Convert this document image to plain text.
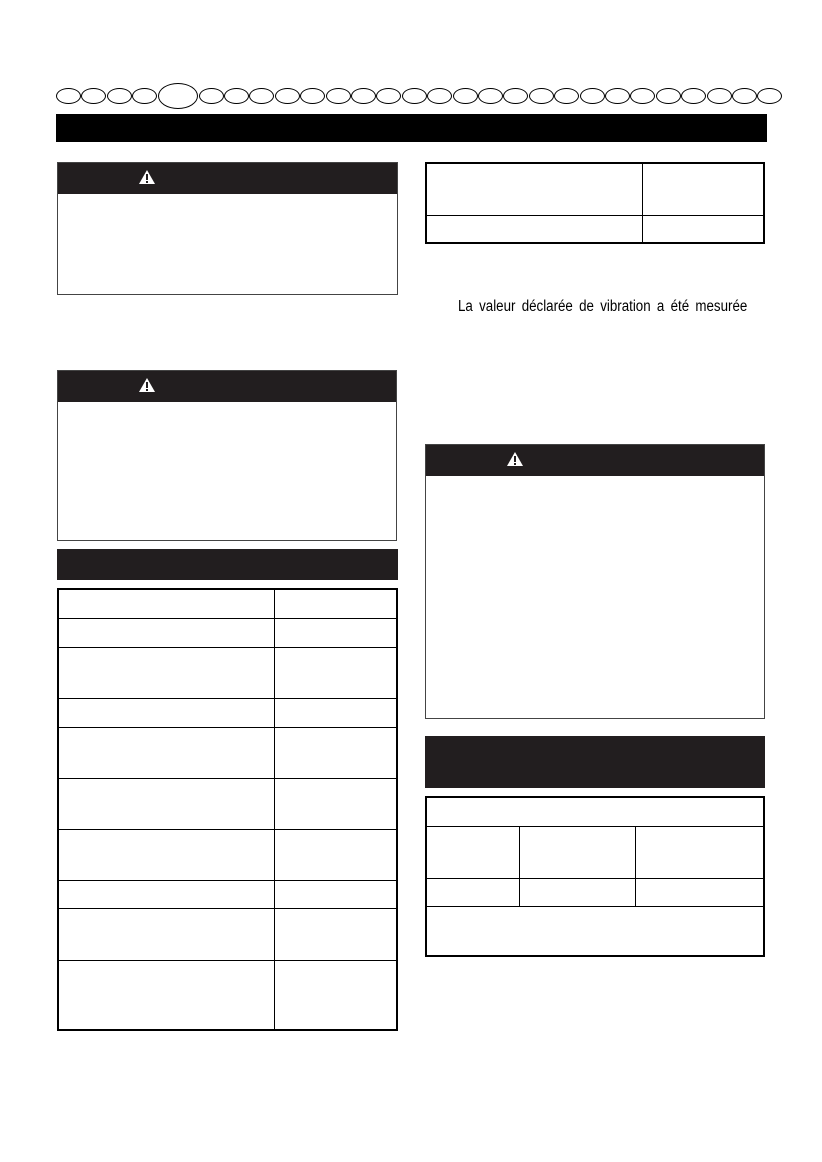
La valeur déclarée de vibration a été mesurée
